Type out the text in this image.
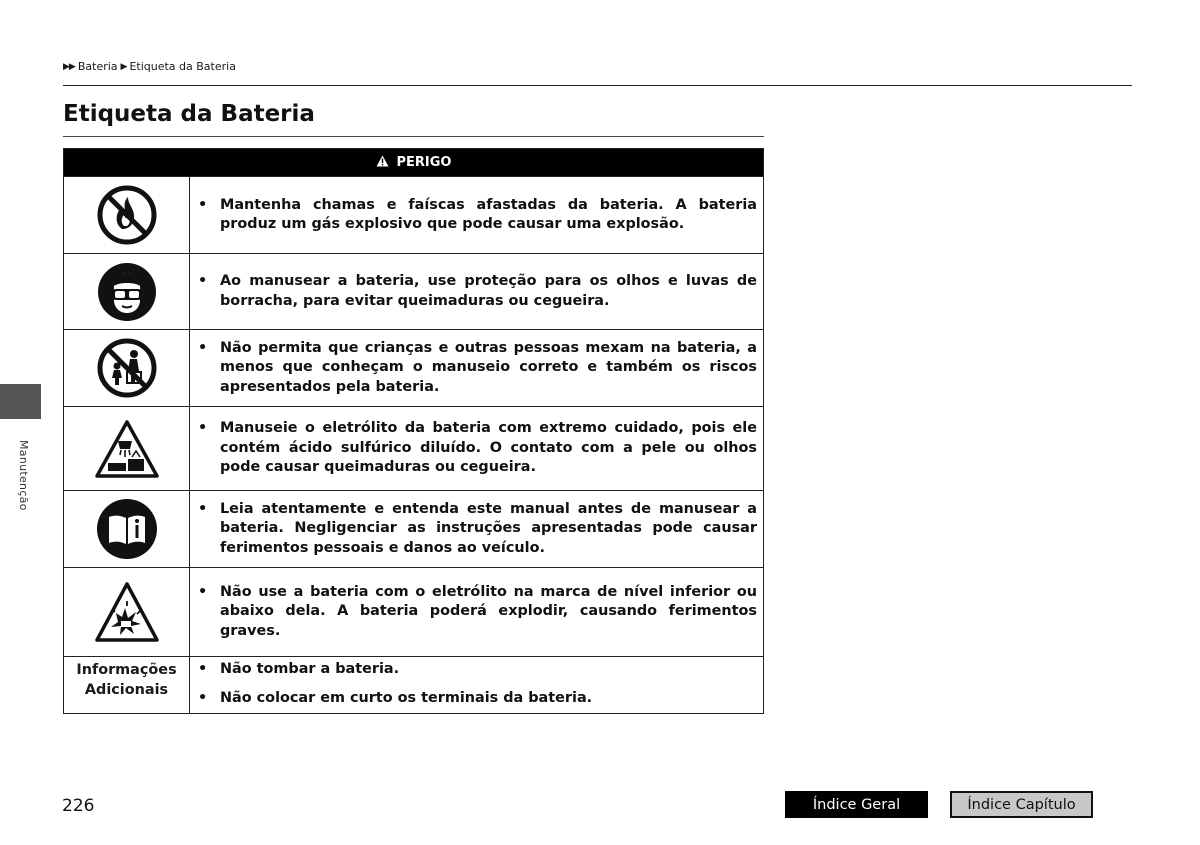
▶▶ Bateria ▶ Etiqueta da Bateria
Etiqueta da Bateria
Manutenção
PERIGO	

• Mantenha chamas e faíscas afastadas da bateria. A bateria produz um gás explosivo que pode causar uma explosão.

• Ao manusear a bateria, use proteção para os olhos e luvas de borracha, para evitar queimaduras ou cegueira.

• Não permita que crianças e outras pessoas mexam na bateria, a menos que conheçam o manuseio correto e também os riscos apresentados pela bateria.

• Manuseie o eletrólito da bateria com extremo cuidado, pois ele contém ácido sulfúrico diluído. O contato com a pele ou olhos pode causar queimaduras ou cegueira.

• Leia atentamente e entenda este manual antes de manusear a bateria. Negligenciar as instruções apresentadas pode causar ferimentos pessoais e danos ao veículo.

• Não use a bateria com o eletrólito na marca de nível inferior ou abaixo dela. A bateria poderá explodir, causando ferimentos graves.

Informações Adicionais	• Não tombar a bateria.
• Não colocar em curto os terminais da bateria.
226	Índice Geral	Índice Capítulo
